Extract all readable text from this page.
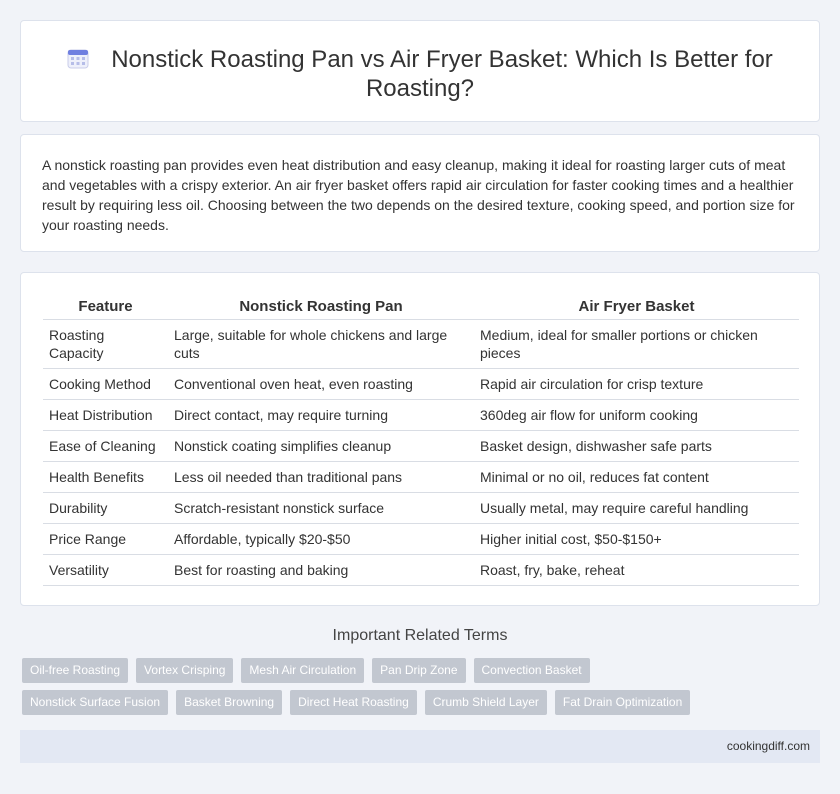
Nonstick Roasting Pan vs Air Fryer Basket: Which Is Better for Roasting?

A nonstick roasting pan provides even heat distribution and easy cleanup, making it ideal for roasting larger cuts of meat and vegetables with a crispy exterior. An air fryer basket offers rapid air circulation for faster cooking times and a healthier result by requiring less oil. Choosing between the two depends on the desired texture, cooking speed, and portion size for your roasting needs.

Feature	Nonstick Roasting Pan	Air Fryer Basket
Roasting Capacity	Large, suitable for whole chickens and large cuts	Medium, ideal for smaller portions or chicken pieces
Cooking Method	Conventional oven heat, even roasting	Rapid air circulation for crisp texture
Heat Distribution	Direct contact, may require turning	360deg air flow for uniform cooking
Ease of Cleaning	Nonstick coating simplifies cleanup	Basket design, dishwasher safe parts
Health Benefits	Less oil needed than traditional pans	Minimal or no oil, reduces fat content
Durability	Scratch-resistant nonstick surface	Usually metal, may require careful handling
Price Range	Affordable, typically $20-$50	Higher initial cost, $50-$150+
Versatility	Best for roasting and baking	Roast, fry, bake, reheat
Important Related Terms
Oil-free Roasting	Vortex Crisping	Mesh Air Circulation	Pan Drip Zone	Convection Basket
Nonstick Surface Fusion	Basket Browning	Direct Heat Roasting	Crumb Shield Layer	Fat Drain Optimization
cookingdiff.com
